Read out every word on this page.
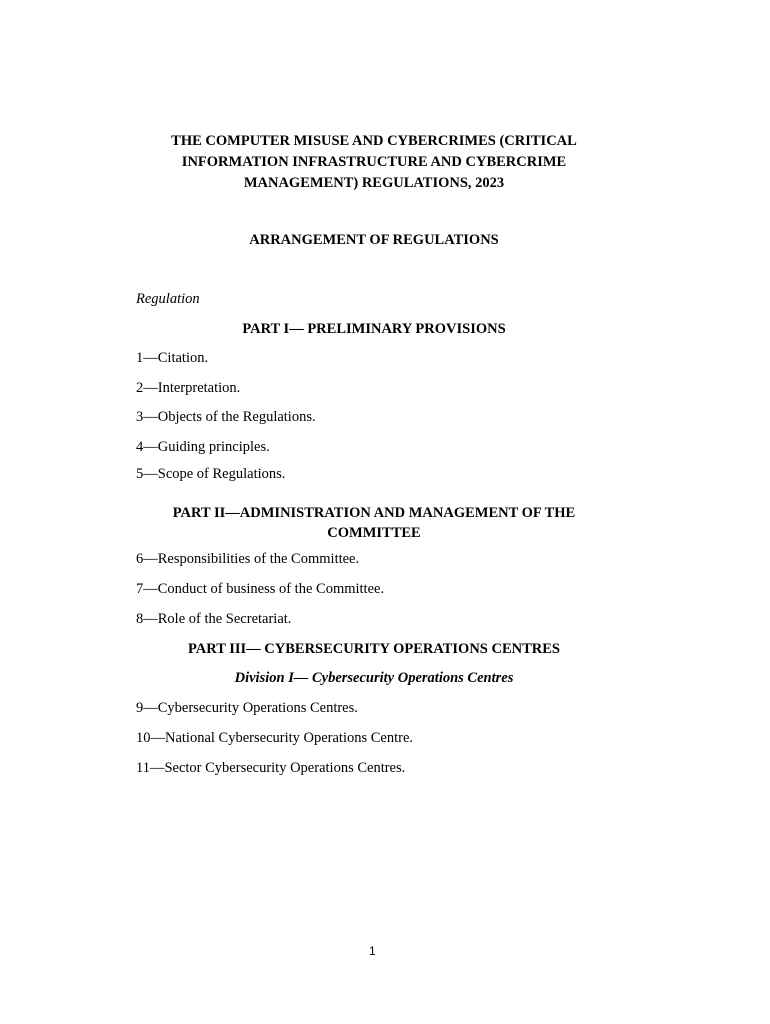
THE COMPUTER MISUSE AND CYBERCRIMES (CRITICAL
INFORMATION INFRASTRUCTURE AND CYBERCRIME
MANAGEMENT) REGULATIONS, 2023
ARRANGEMENT OF REGULATIONS
Regulation
PART I— PRELIMINARY PROVISIONS
1—Citation.
2—Interpretation.
3—Objects of the Regulations.
4—Guiding principles.
5—Scope of Regulations.
PART II—ADMINISTRATION AND MANAGEMENT OF THE
COMMITTEE
6—Responsibilities of the Committee.
7—Conduct of business of the Committee.
8—Role of the Secretariat.
PART III— CYBERSECURITY OPERATIONS CENTRES
Division I— Cybersecurity Operations Centres
9—Cybersecurity Operations Centres.
10—National Cybersecurity Operations Centre.
11—Sector Cybersecurity Operations Centres.
1
